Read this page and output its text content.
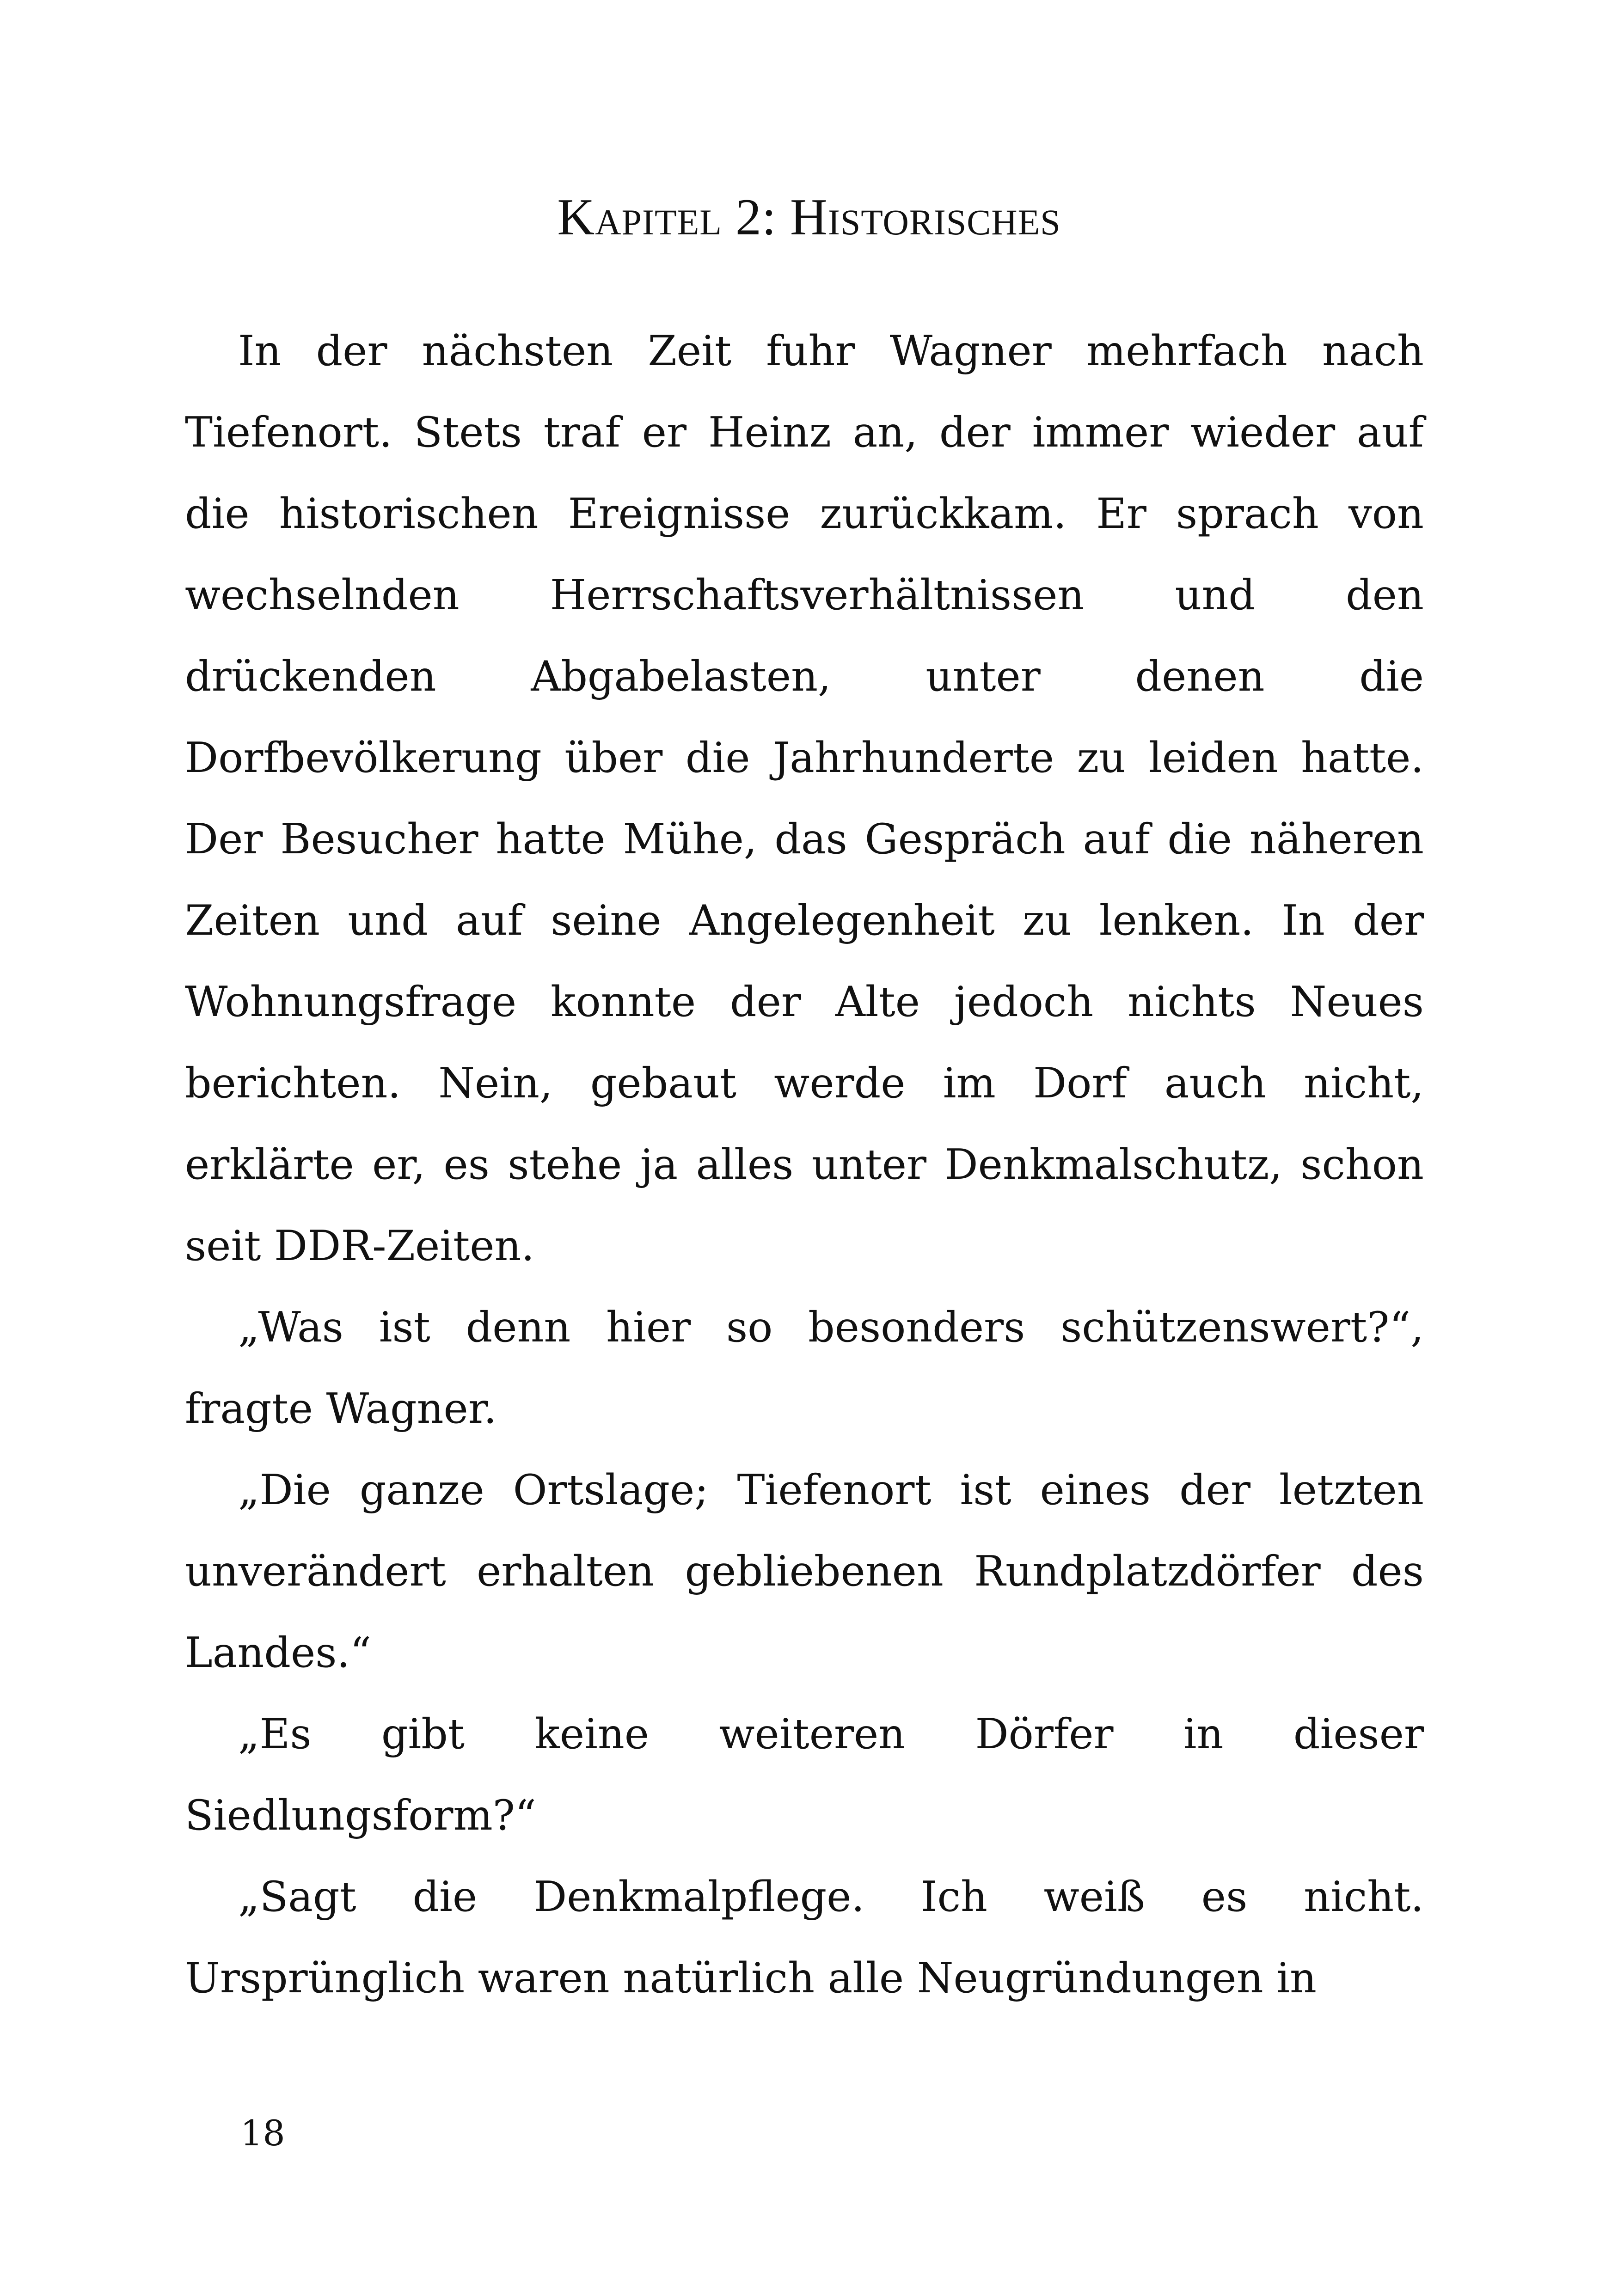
Kapitel 2: Historisches

In der nächsten Zeit fuhr Wagner mehrfach nach Tiefenort. Stets traf er Heinz an, der immer wieder auf die historischen Ereignisse zurückkam. Er sprach von wechselnden Herrschaftsverhältnissen und den drückenden Abgabelasten, unter denen die Dorfbevölkerung über die Jahrhunderte zu leiden hatte. Der Besucher hatte Mühe, das Gespräch auf die näheren Zeiten und auf seine Angelegenheit zu lenken. In der Wohnungsfrage konnte der Alte jedoch nichts Neues berichten. Nein, gebaut werde im Dorf auch nicht, erklärte er, es stehe ja alles unter Denkmalschutz, schon seit DDR-Zeiten.

„Was ist denn hier so besonders schützenswert?“, fragte Wagner.

„Die ganze Ortslage; Tiefenort ist eines der letzten unverändert erhalten gebliebenen Rundplatzdörfer des Landes.“

„Es gibt keine weiteren Dörfer in dieser Siedlungsform?“

„Sagt die Denkmalpflege. Ich weiß es nicht. Ursprünglich waren natürlich alle Neugründungen in

18
